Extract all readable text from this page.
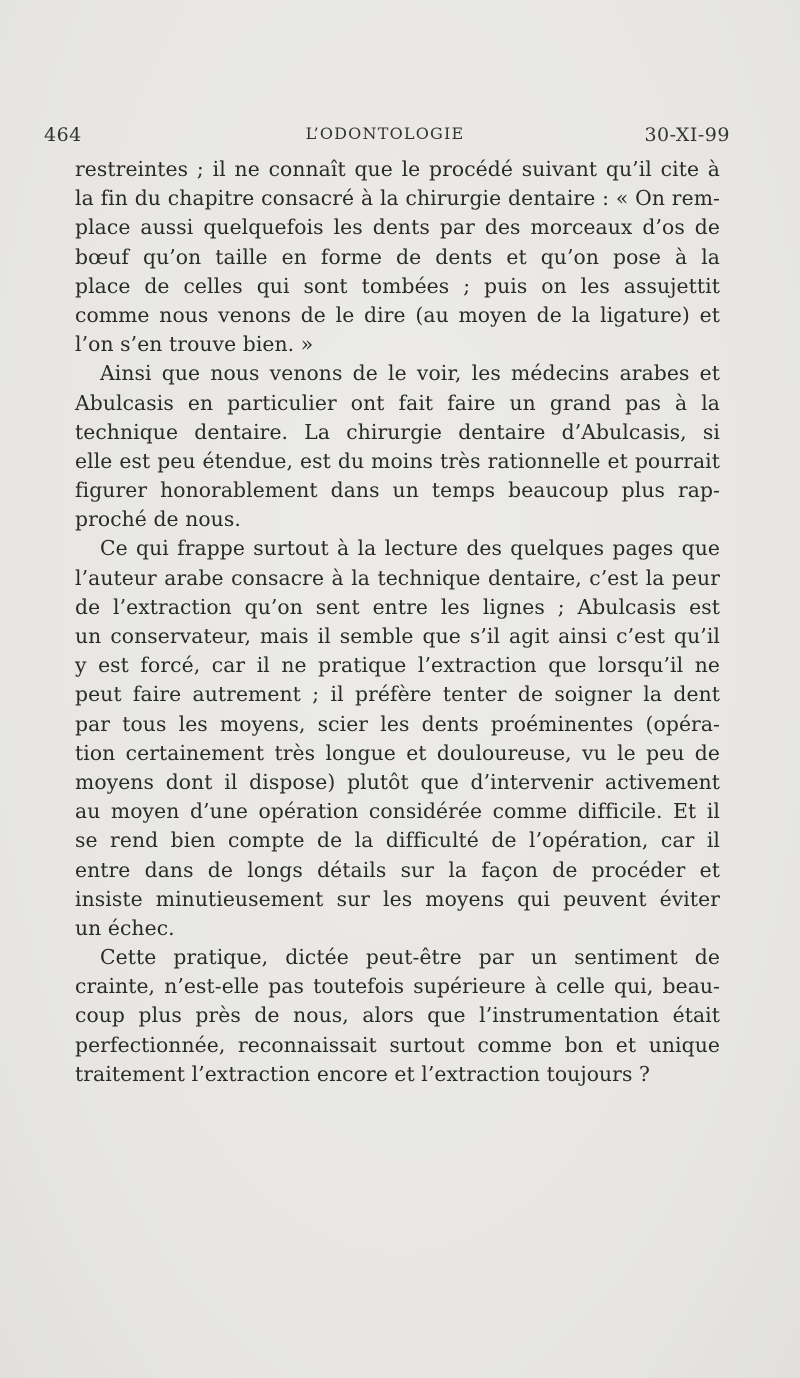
464	L’ODONTOLOGIE	30-XI-99
restreintes ; il ne connaît que le procédé suivant qu’il cite à
la fin du chapitre consacré à la chirurgie dentaire : « On rem-
place aussi quelquefois les dents par des morceaux d’os de
bœuf qu’on taille en forme de dents et qu’on pose à la
place de celles qui sont tombées ; puis on les assujettit
comme nous venons de le dire (au moyen de la ligature) et
l’on s’en trouve bien. »
Ainsi que nous venons de le voir, les médecins arabes et
Abulcasis en particulier ont fait faire un grand pas à la
technique dentaire. La chirurgie dentaire d’Abulcasis, si
elle est peu étendue, est du moins très rationnelle et pourrait
figurer honorablement dans un temps beaucoup plus rap-
proché de nous.
Ce qui frappe surtout à la lecture des quelques pages que
l’auteur arabe consacre à la technique dentaire, c’est la peur
de l’extraction qu’on sent entre les lignes ; Abulcasis est
un conservateur, mais il semble que s’il agit ainsi c’est qu’il
y est forcé, car il ne pratique l’extraction que lorsqu’il ne
peut faire autrement ; il préfère tenter de soigner la dent
par tous les moyens, scier les dents proéminentes (opéra-
tion certainement très longue et douloureuse, vu le peu de
moyens dont il dispose) plutôt que d’intervenir activement
au moyen d’une opération considérée comme difficile. Et il
se rend bien compte de la difficulté de l’opération, car il
entre dans de longs détails sur la façon de procéder et
insiste minutieusement sur les moyens qui peuvent éviter
un échec.
Cette pratique, dictée peut-être par un sentiment de
crainte, n’est-elle pas toutefois supérieure à celle qui, beau-
coup plus près de nous, alors que l’instrumentation était
perfectionnée, reconnaissait surtout comme bon et unique
traitement l’extraction encore et l’extraction toujours ?
